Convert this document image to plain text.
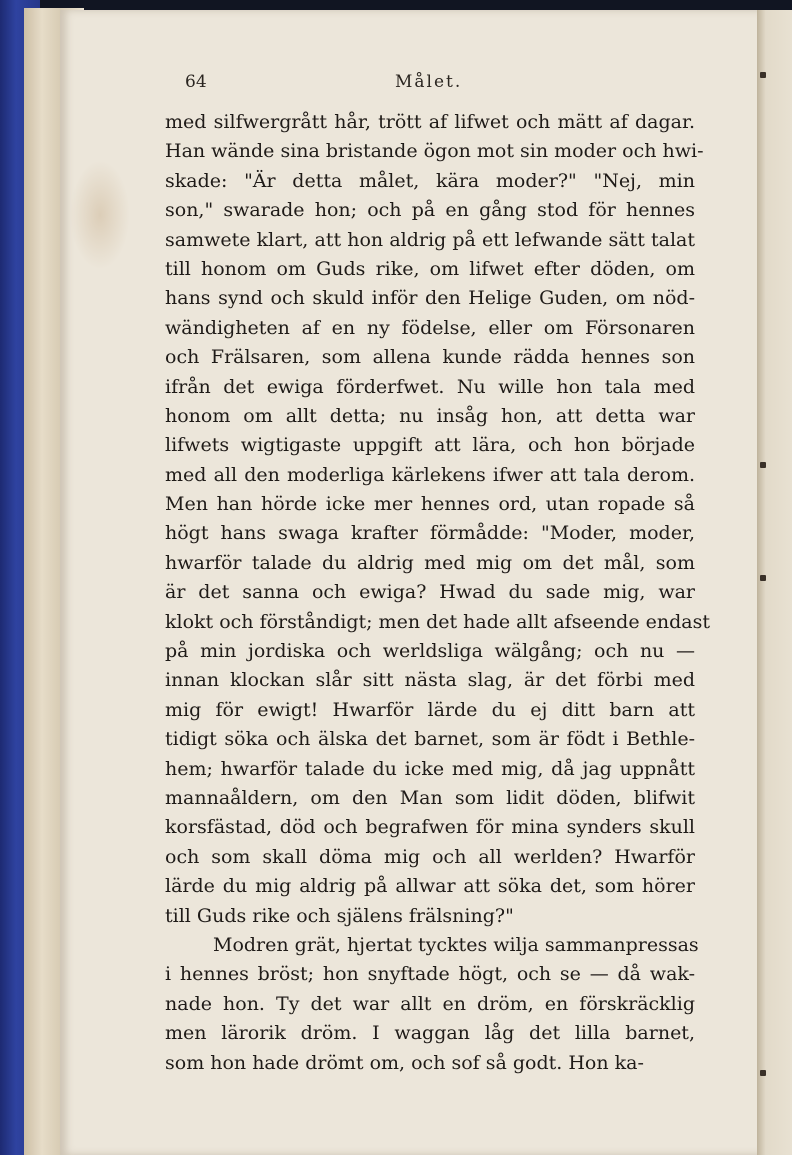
64	Målet.
med silfwergrått hår, trött af lifwet och mätt af dagar.
Han wände sina bristande ögon mot sin moder och hwi-
skade: "Är detta målet, kära moder?" "Nej, min
son," swarade hon; och på en gång stod för hennes
samwete klart, att hon aldrig på ett lefwande sätt talat
till honom om Guds rike, om lifwet efter döden, om
hans synd och skuld inför den Helige Guden, om nöd-
wändigheten af en ny födelse, eller om Försonaren
och Frälsaren, som allena kunde rädda hennes son
ifrån det ewiga förderfwet. Nu wille hon tala med
honom om allt detta; nu insåg hon, att detta war
lifwets wigtigaste uppgift att lära, och hon började
med all den moderliga kärlekens ifwer att tala derom.
Men han hörde icke mer hennes ord, utan ropade så
högt hans swaga krafter förmådde: "Moder, moder,
hwarför talade du aldrig med mig om det mål, som
är det sanna och ewiga? Hwad du sade mig, war
klokt och förståndigt; men det hade allt afseende endast
på min jordiska och werldsliga wälgång; och nu —
innan klockan slår sitt nästa slag, är det förbi med
mig för ewigt! Hwarför lärde du ej ditt barn att
tidigt söka och älska det barnet, som är födt i Bethle-
hem; hwarför talade du icke med mig, då jag uppnått
mannaåldern, om den Man som lidit döden, blifwit
korsfästad, död och begrafwen för mina synders skull
och som skall döma mig och all werlden? Hwarför
lärde du mig aldrig på allwar att söka det, som hörer
till Guds rike och själens frälsning?"
Modren grät, hjertat tycktes wilja sammanpressas
i hennes bröst; hon snyftade högt, och se — då wak-
nade hon. Ty det war allt en dröm, en förskräcklig
men lärorik dröm. I waggan låg det lilla barnet,
som hon hade drömt om, och sof så godt. Hon ka-
